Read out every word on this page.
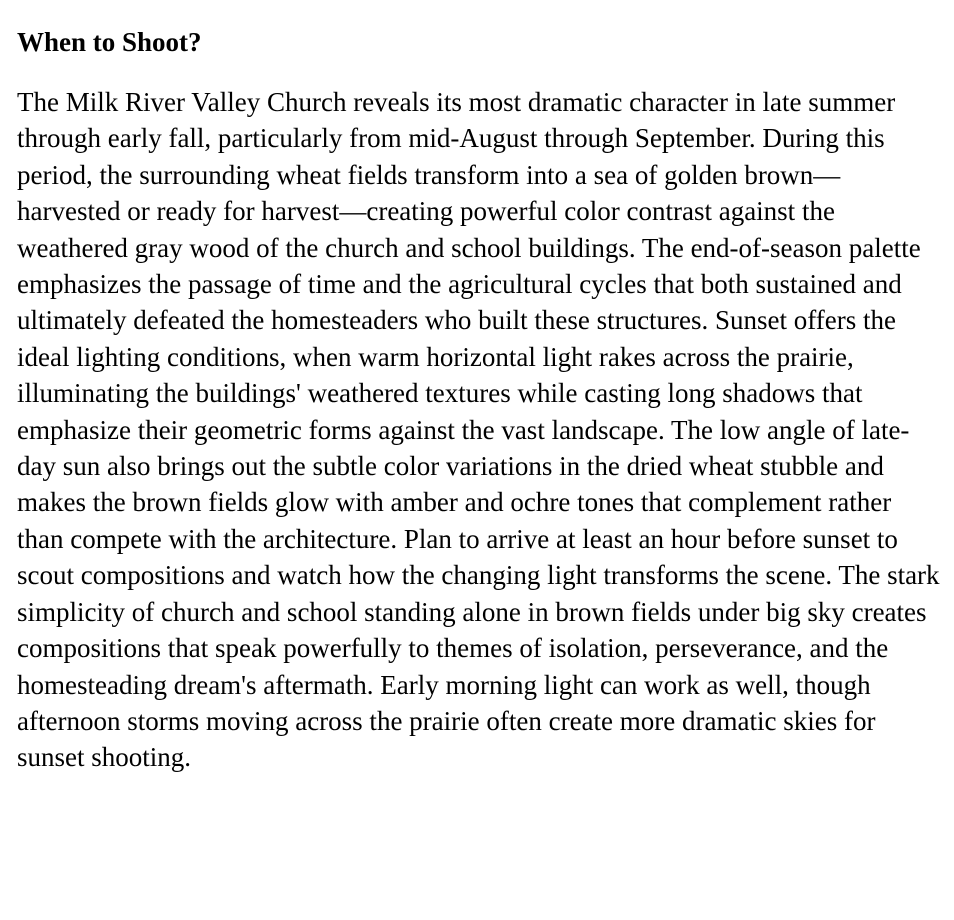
When to Shoot?

The Milk River Valley Church reveals its most dramatic character in late summer through early fall, particularly from mid-August through September. During this period, the surrounding wheat fields transform into a sea of golden brown—harvested or ready for harvest—creating powerful color contrast against the weathered gray wood of the church and school buildings. The end-of-season palette emphasizes the passage of time and the agricultural cycles that both sustained and ultimately defeated the homesteaders who built these structures. Sunset offers the ideal lighting conditions, when warm horizontal light rakes across the prairie, illuminating the buildings' weathered textures while casting long shadows that emphasize their geometric forms against the vast landscape. The low angle of late-day sun also brings out the subtle color variations in the dried wheat stubble and makes the brown fields glow with amber and ochre tones that complement rather than compete with the architecture. Plan to arrive at least an hour before sunset to scout compositions and watch how the changing light transforms the scene. The stark simplicity of church and school standing alone in brown fields under big sky creates compositions that speak powerfully to themes of isolation, perseverance, and the homesteading dream's aftermath. Early morning light can work as well, though afternoon storms moving across the prairie often create more dramatic skies for sunset shooting.
